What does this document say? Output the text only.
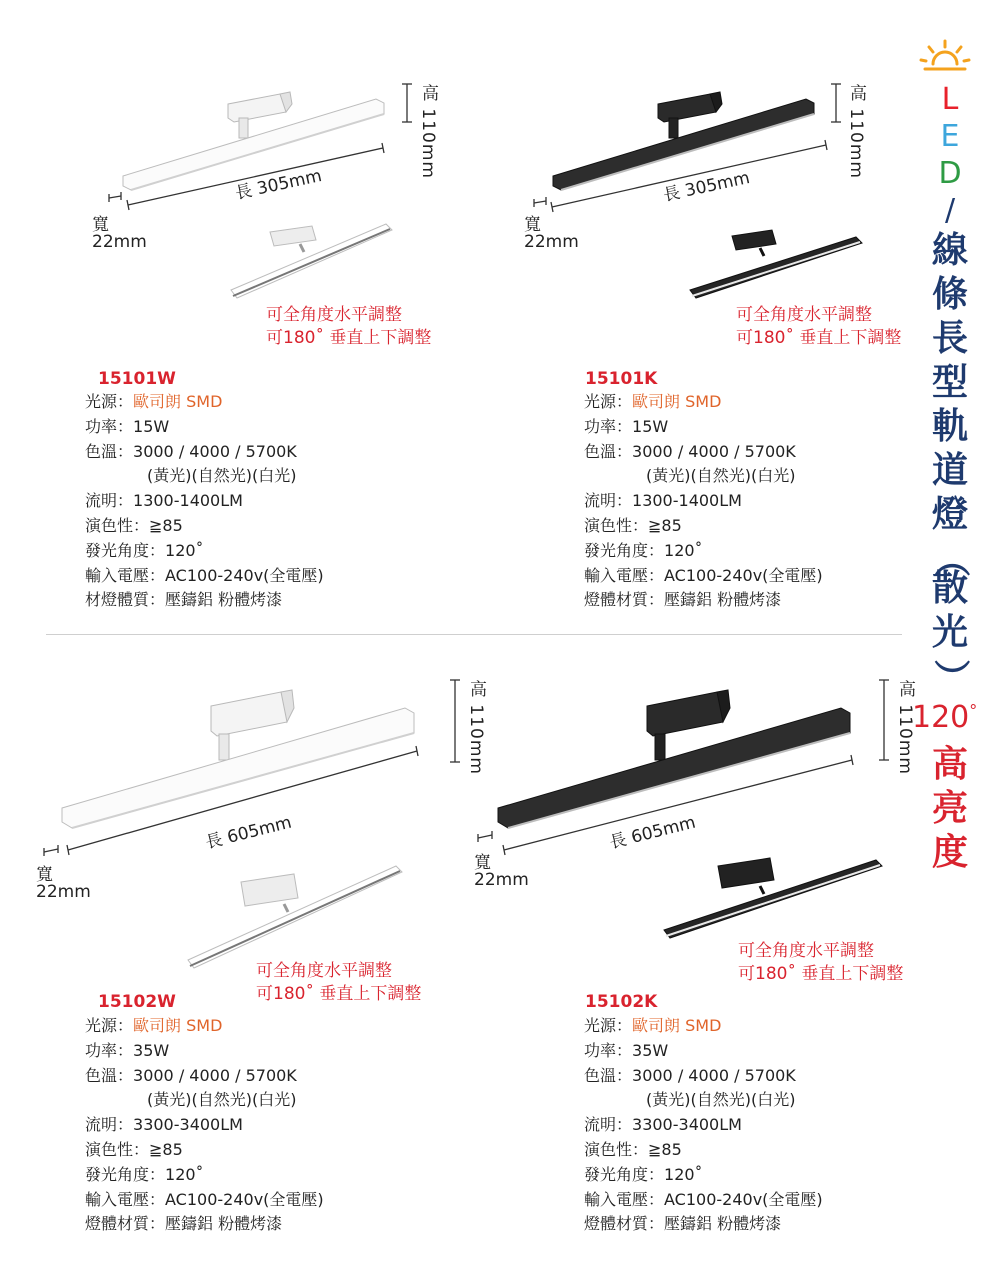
高 110mm
長 305mm
寬
22mm
高 110mm
長 305mm
寬
22mm
高 110mm
長 605mm
寬
22mm
高 110mm
長 605mm
寬
22mm
可全角度水平調整
可180˚ 垂直上下調整
可全角度水平調整
可180˚ 垂直上下調整
可全角度水平調整
可180˚ 垂直上下調整
可全角度水平調整
可180˚ 垂直上下調整
15101W	15101K
15102W	15102K
光源：歐司朗 SMD
功率：15W
色溫：3000 / 4000 / 5700K
(黃光)(自然光)(白光)
流明：1300-1400LM
演色性：≧85
發光角度：120˚
輸入電壓：AC100-240v(全電壓)
材燈體質：壓鑄鋁 粉體烤漆
光源：歐司朗 SMD
功率：15W
色溫：3000 / 4000 / 5700K
(黃光)(自然光)(白光)
流明：1300-1400LM
演色性：≧85
發光角度：120˚
輸入電壓：AC100-240v(全電壓)
燈體材質：壓鑄鋁 粉體烤漆
光源：歐司朗 SMD
功率：35W
色溫：3000 / 4000 / 5700K
(黃光)(自然光)(白光)
流明：3300-3400LM
演色性：≧85
發光角度：120˚
輸入電壓：AC100-240v(全電壓)
燈體材質：壓鑄鋁 粉體烤漆
光源：歐司朗 SMD
功率：35W
色溫：3000 / 4000 / 5700K
(黃光)(自然光)(白光)
流明：3300-3400LM
演色性：≧85
發光角度：120˚
輸入電壓：AC100-240v(全電壓)
燈體材質：壓鑄鋁 粉體烤漆
L
E
D
/
線
條
長
型
軌
道
燈
（
散
光
）
120°
高
亮
度
